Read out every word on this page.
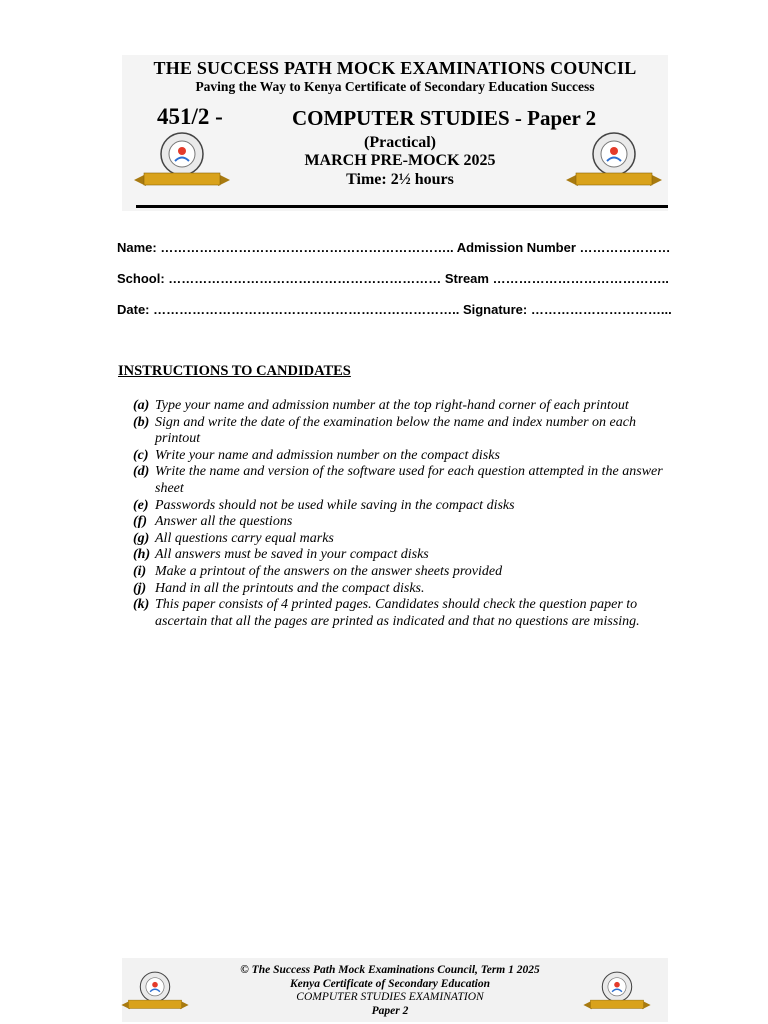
THE SUCCESS PATH MOCK EXAMINATIONS COUNCIL
Paving the Way to Kenya Certificate of Secondary Education Success
451/2 -	COMPUTER STUDIES - Paper 2
(Practical)
MARCH PRE-MOCK 2025
Time: 2½ hours
Name: ………………………………………………………….. Admission Number …………………
School: ……………………………………………………… Stream …………………………………..
Date: …………………………………………………………….. Signature: …………………………...
INSTRUCTIONS TO CANDIDATES
(a) Type your name and admission number at the top right-hand corner of each printout
(b) Sign and write the date of the examination below the name and index number on each printout
(c) Write your name and admission number on the compact disks
(d) Write the name and version of the software used for each question attempted in the answer sheet
(e) Passwords should not be used while saving in the compact disks
(f) Answer all the questions
(g) All questions carry equal marks
(h) All answers must be saved in your compact disks
(i) Make a printout of the answers on the answer sheets provided
(j) Hand in all the printouts and the compact disks.
(k) This paper consists of 4 printed pages. Candidates should check the question paper to ascertain that all the pages are printed as indicated and that no questions are missing.
© The Success Path Mock Examinations Council, Term 1 2025
Kenya Certificate of Secondary Education
COMPUTER STUDIES EXAMINATION
Paper 2
